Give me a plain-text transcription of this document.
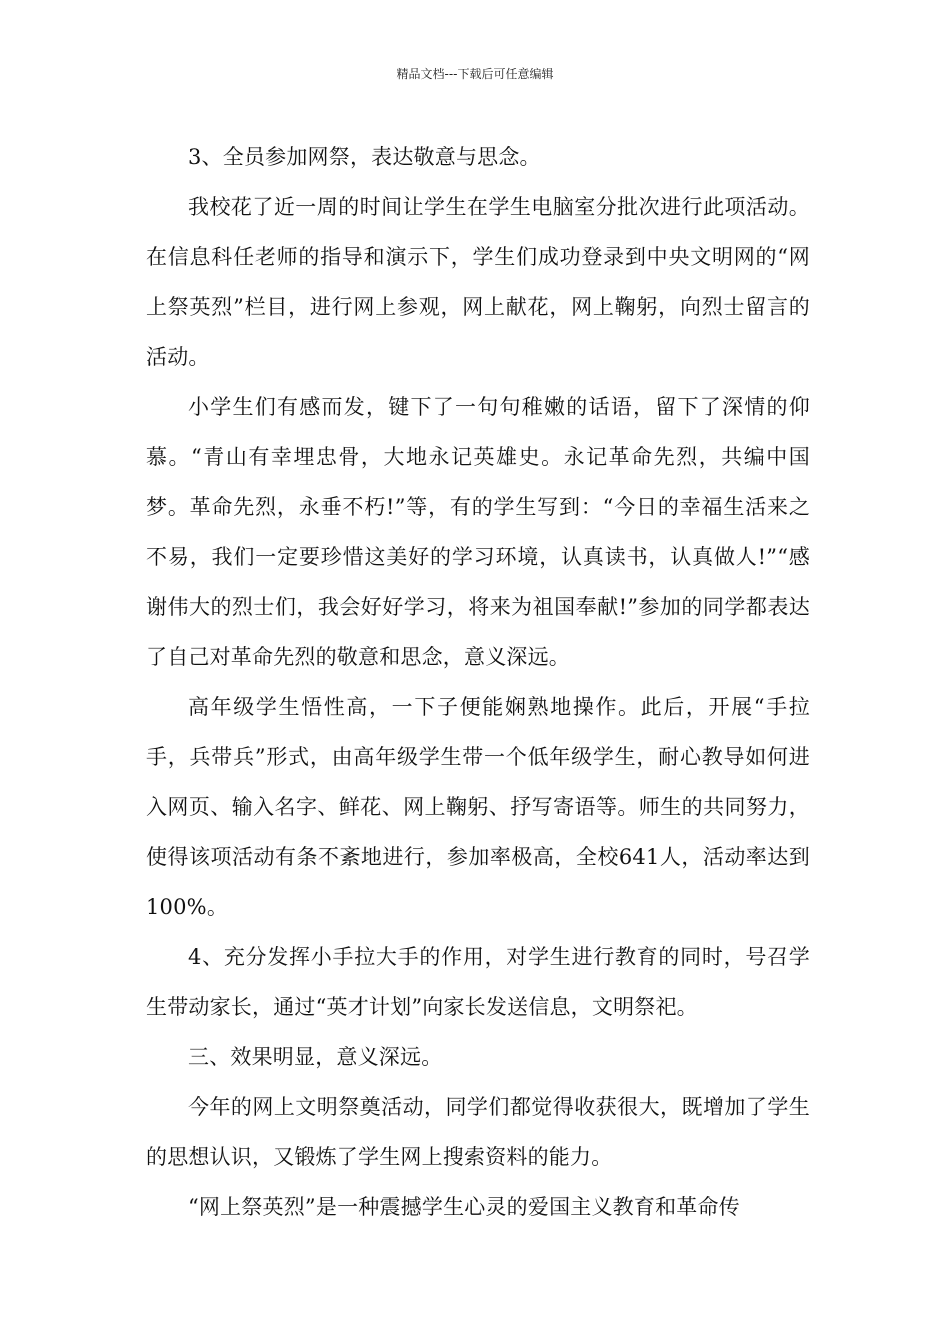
精品文档---下载后可任意编辑

3、全员参加网祭，表达敬意与思念。

我校花了近一周的时间让学生在学生电脑室分批次进行此项活动。在信息科任老师的指导和演示下，学生们成功登录到中央文明网的“网上祭英烈”栏目，进行网上参观，网上献花，网上鞠躬，向烈士留言的活动。

小学生们有感而发，键下了一句句稚嫩的话语，留下了深情的仰慕。“青山有幸埋忠骨，大地永记英雄史。永记革命先烈，共编中国梦。革命先烈，永垂不朽!”等，有的学生写到：“今日的幸福生活来之不易，我们一定要珍惜这美好的学习环境，认真读书，认真做人!”“感谢伟大的烈士们，我会好好学习，将来为祖国奉献!”参加的同学都表达了自己对革命先烈的敬意和思念，意义深远。

高年级学生悟性高，一下子便能娴熟地操作。此后，开展“手拉手，兵带兵”形式，由高年级学生带一个低年级学生，耐心教导如何进入网页、输入名字、鲜花、网上鞠躬、抒写寄语等。师生的共同努力，使得该项活动有条不紊地进行，参加率极高，全校641人，活动率达到100%。

4、充分发挥小手拉大手的作用，对学生进行教育的同时，号召学生带动家长，通过“英才计划”向家长发送信息，文明祭祀。

三、效果明显，意义深远。

今年的网上文明祭奠活动，同学们都觉得收获很大，既增加了学生的思想认识，又锻炼了学生网上搜索资料的能力。

“网上祭英烈”是一种震撼学生心灵的爱国主义教育和革命传
